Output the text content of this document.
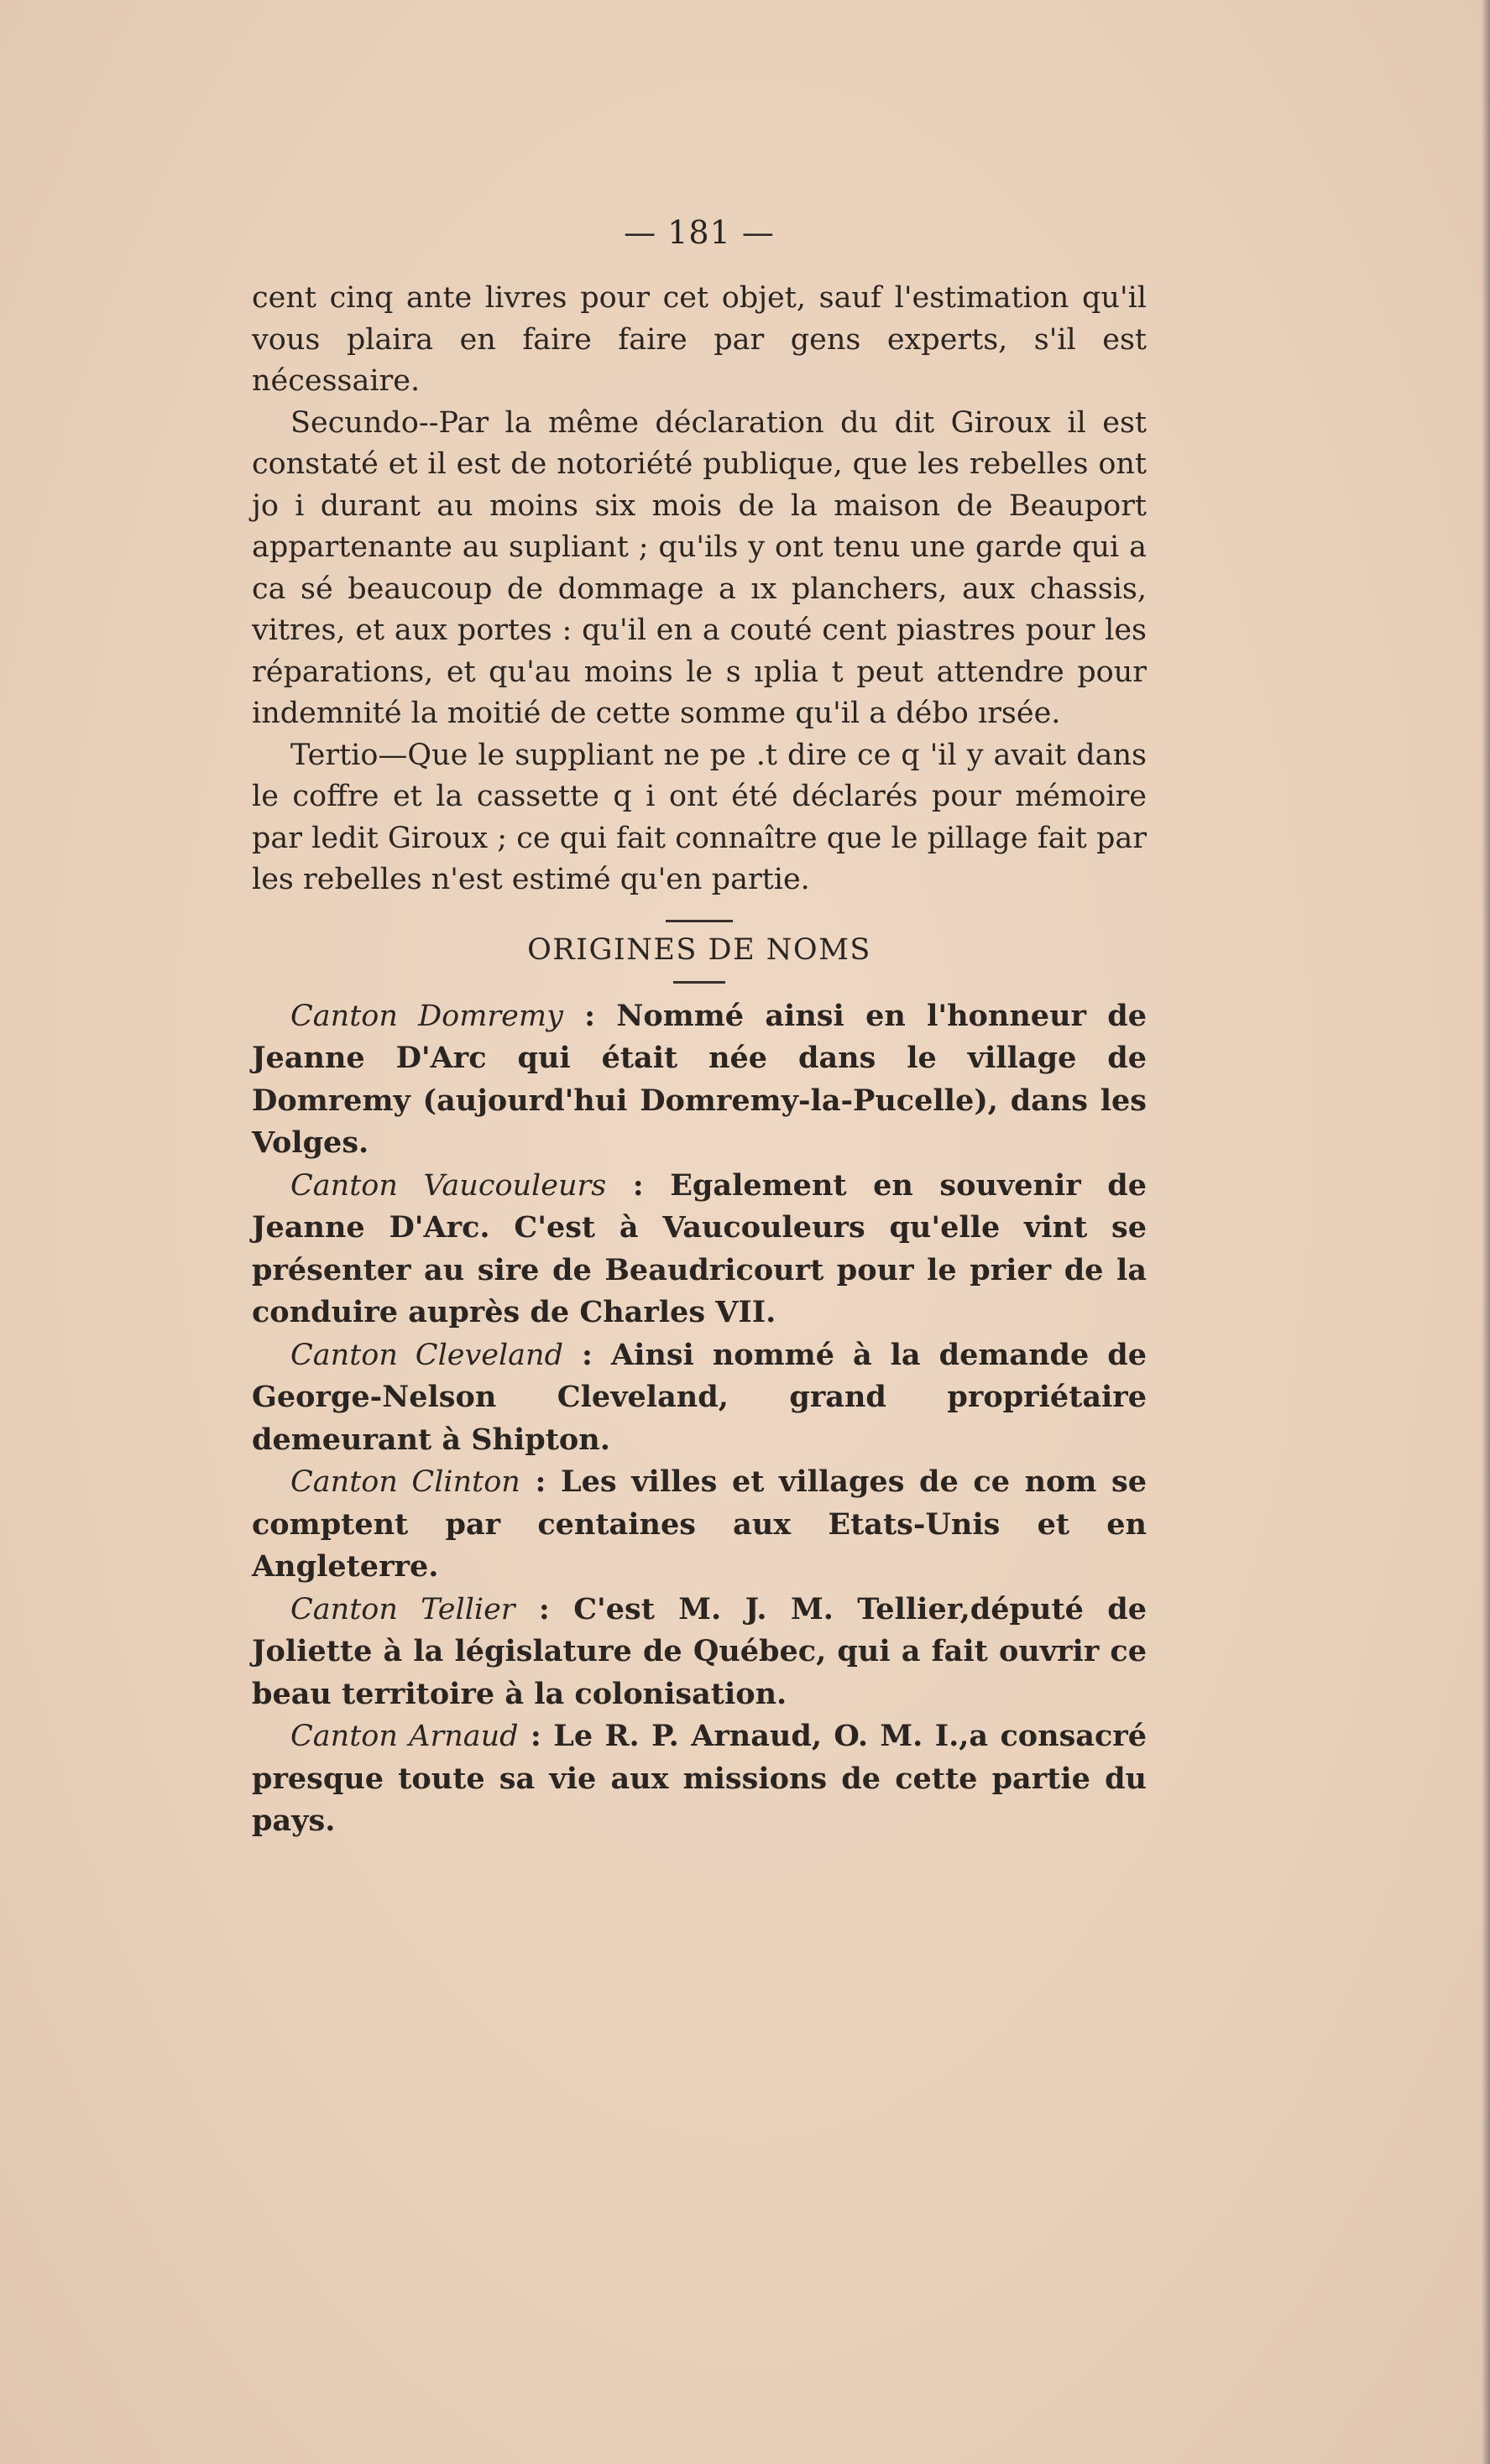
— 181 —

cent cinq ante livres pour cet objet, sauf l'estimation qu'il vous plaira en faire faire par gens experts, s'il est nécessaire.

Secundo--Par la même déclaration du dit Giroux il est constaté et il est de notoriété publique, que les rebelles ont jo i durant au moins six mois de la maison de Beauport appartenante au supliant ; qu'ils y ont tenu une garde qui a ca sé beaucoup de dommage a ıx planchers, aux chassis, vitres, et aux portes : qu'il en a couté cent piastres pour les réparations, et qu'au moins le s ıplia t peut attendre pour indemnité la moitié de cette somme qu'il a débo ırsée.

Tertio—Que le suppliant ne pe .t dire ce q 'il y avait dans le coffre et la cassette q i ont été déclarés pour mémoire par ledit Giroux ; ce qui fait connaître que le pillage fait par les rebelles n'est estimé qu'en partie.

ORIGINES DE NOMS

Canton Domremy : Nommé ainsi en l'honneur de Jeanne D'Arc qui était née dans le village de Domremy (aujourd'hui Domremy-la-Pucelle), dans les Volges.

Canton Vaucouleurs : Egalement en souvenir de Jeanne D'Arc. C'est à Vaucouleurs qu'elle vint se présenter au sire de Beaudricourt pour le prier de la conduire auprès de Charles VII.

Canton Cleveland : Ainsi nommé à la demande de George-Nelson Cleveland, grand propriétaire demeurant à Shipton.

Canton Clinton : Les villes et villages de ce nom se comptent par centaines aux Etats-Unis et en Angleterre.

Canton Tellier : C'est M. J. M. Tellier,député de Joliette à la législature de Québec, qui a fait ouvrir ce beau territoire à la colonisation.

Canton Arnaud : Le R. P. Arnaud, O. M. I.,a consacré presque toute sa vie aux missions de cette partie du pays.
